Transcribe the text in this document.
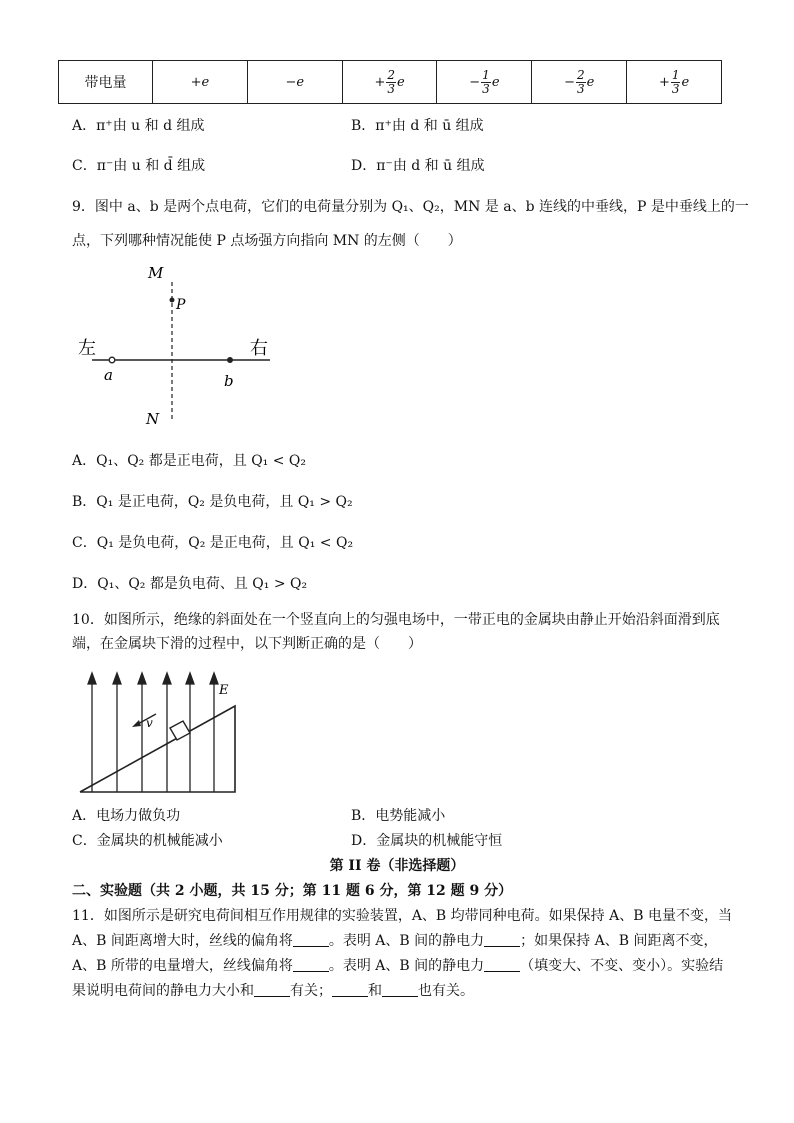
带电量	+e	−e	+ $\frac{2}{3}$ e	− $\frac{1}{3}$ e	− $\frac{2}{3}$ e	+ $\frac{1}{3}$ e
A．π⁺由 u 和 d 组成	B．π⁺由 d 和 ū 组成
C．π⁻由 u 和 d̄ 组成	D．π⁻由 d 和 ū 组成
9．图中 a、b 是两个点电荷，它们的电荷量分别为 Q₁、Q₂，MN 是 a、b 连线的中垂线，P 是中垂线上的一
点，下列哪种情况能使 P 点场强方向指向 MN 的左侧（　　）
M
P
左	右
a	b
N
A．Q₁、Q₂ 都是正电荷，且 Q₁ < Q₂
B．Q₁ 是正电荷，Q₂ 是负电荷，且 Q₁ > Q₂
C．Q₁ 是负电荷，Q₂ 是正电荷，且 Q₁ < Q₂
D．Q₁、Q₂ 都是负电荷、且 Q₁ > Q₂
10．如图所示，绝缘的斜面处在一个竖直向上的匀强电场中，一带正电的金属块由静止开始沿斜面滑到底
端，在金属块下滑的过程中，以下判断正确的是（　　）
v
E
A．电场力做负功	B．电势能减小
C．金属块的机械能减小	D．金属块的机械能守恒
第 II 卷（非选择题）
二、实验题（共 2 小题，共 15 分；第 11 题 6 分，第 12 题 9 分）
11．如图所示是研究电荷间相互作用规律的实验装置，A、B 均带同种电荷。如果保持 A、B 电量不变，当
A、B 间距离增大时，丝线的偏角将	。表明 A、B 间的静电力	；如果保持 A、B 间距离不变，
A、B 所带的电量增大，丝线偏角将	。表明 A、B 间的静电力	（填变大、不变、变小）。实验结
果说明电荷间的静电力大小和	有关；	和	也有关。
